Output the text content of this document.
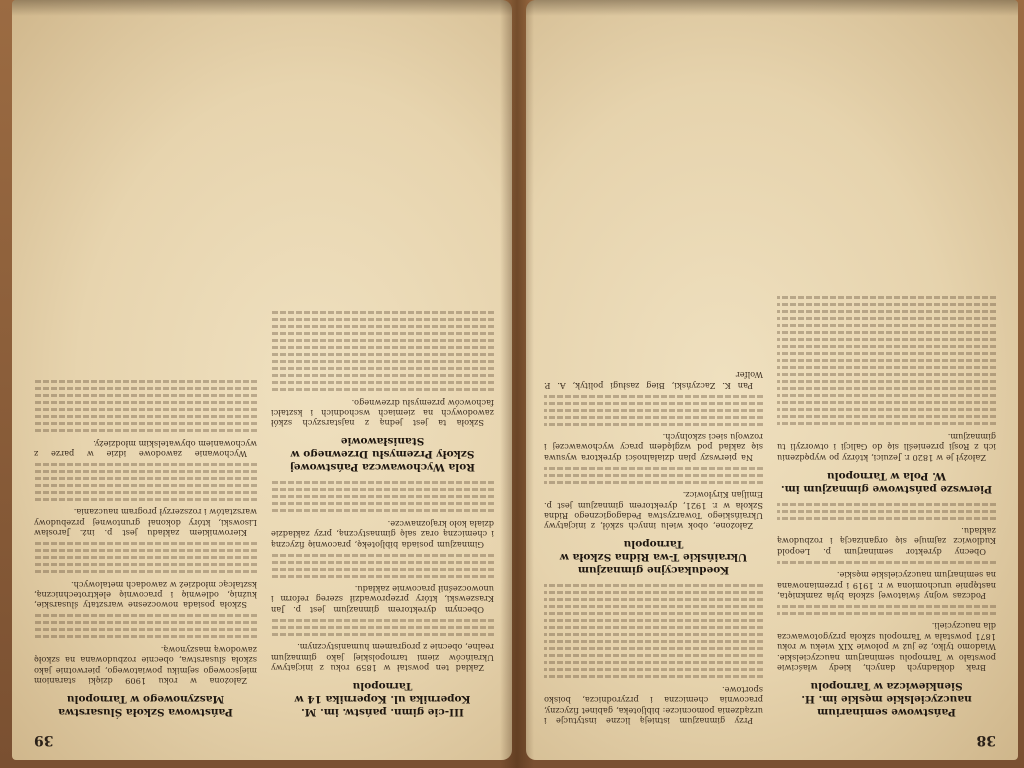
38
Państwowe seminarium nauczycielskie męskie im. H. Sienkiewicza w Tarnopolu

Brak dokładnych danych, kiedy właściwie powstało w Tarnopolu seminarjum nauczycielskie. Wiadomo tylko, że już w połowie XIX wieku w roku 1871 powstała w Tarnopolu szkoła przygotowawcza dla nauczycieli.

Podczas wojny światowej szkoła była zamknięta, następnie uruchomiona w r. 1919 i przemianowana na seminarjum nauczycielskie męskie.

Obecny dyrektor seminarjum p. Leopold Kudlowicz zajmuje się organizacją i rozbudową zakładu.

Pierwsze państwowe gimnazjum im. W. Pola w Tarnopolu

Założył je w 1820 r. Jezuici, którzy po wypędzeniu ich z Rosji przenieśli się do Galicji i otworzyli tu gimnazjum.

Przy gimnazjum istnieją liczne instytucje i urządzenia pomocnicze: bibljoteka, gabinet fizyczny, pracownia chemiczna i przyrodnicza, boisko sportowe.

Koedukacyjne gimnazjum Ukraińskie T-wa Ridna Szkoła w Tarnopolu

Założone, obok wielu innych szkół, z inicjatywy Ukraińskiego Towarzystwa Pedagogicznego Ridna Szkoła w r. 1921, dyrektorem gimnazjum jest p. Emiljan Kiryłowicz.

Na pierwszy plan działalności dyrektora wysuwa się zakład pod względem pracy wychowawczej i rozwoju sieci szkolnych.

Pan K. Zaczyński, Bieg zasługi polityk, A. P. Wolfer

39
III-cie gimn. państw. im. M. Kopernika ul. Kopernika 14 w Tarnopolu

Zakład ten powstał w 1859 roku z inicjatywy Ukraińców ziemi tarnopolskiej jako gimnazjum realne, obecnie z programem humanistycznym.

Obecnym dyrektorem gimnazjum jest p. Jan Kraszewski, który przeprowadził szereg reform i unowocześnił pracownie zakładu.

Gimnazjum posiada bibljotekę, pracownię fizyczną i chemiczną oraz salę gimnastyczną, przy zakładzie działa koło krajoznawcze.

Rola Wychowawcza Państwowej Szkoły Przemysłu Drzewnego w Stanisławowie

Szkoła ta jest jedną z najstarszych szkół zawodowych na ziemiach wschodnich i kształci fachowców przemysłu drzewnego.

Państwowa Szkoła Ślusarstwa Maszynowego w Tarnopolu

Założona w roku 1909 dzięki staraniom miejscowego sejmiku powiatowego, pierwotnie jako szkoła ślusarstwa, obecnie rozbudowana na szkołę zawodową maszynową.

Szkoła posiada nowoczesne warsztaty ślusarskie, kuźnię, odlewnię i pracownię elektrotechniczną, kształcąc młodzież w zawodach metalowych.

Kierownikiem zakładu jest p. inż. Jarosław Lisowski, który dokonał gruntownej przebudowy warsztatów i rozszerzył program nauczania.

Wychowanie zawodowe idzie w parze z wychowaniem obywatelskim młodzieży.
